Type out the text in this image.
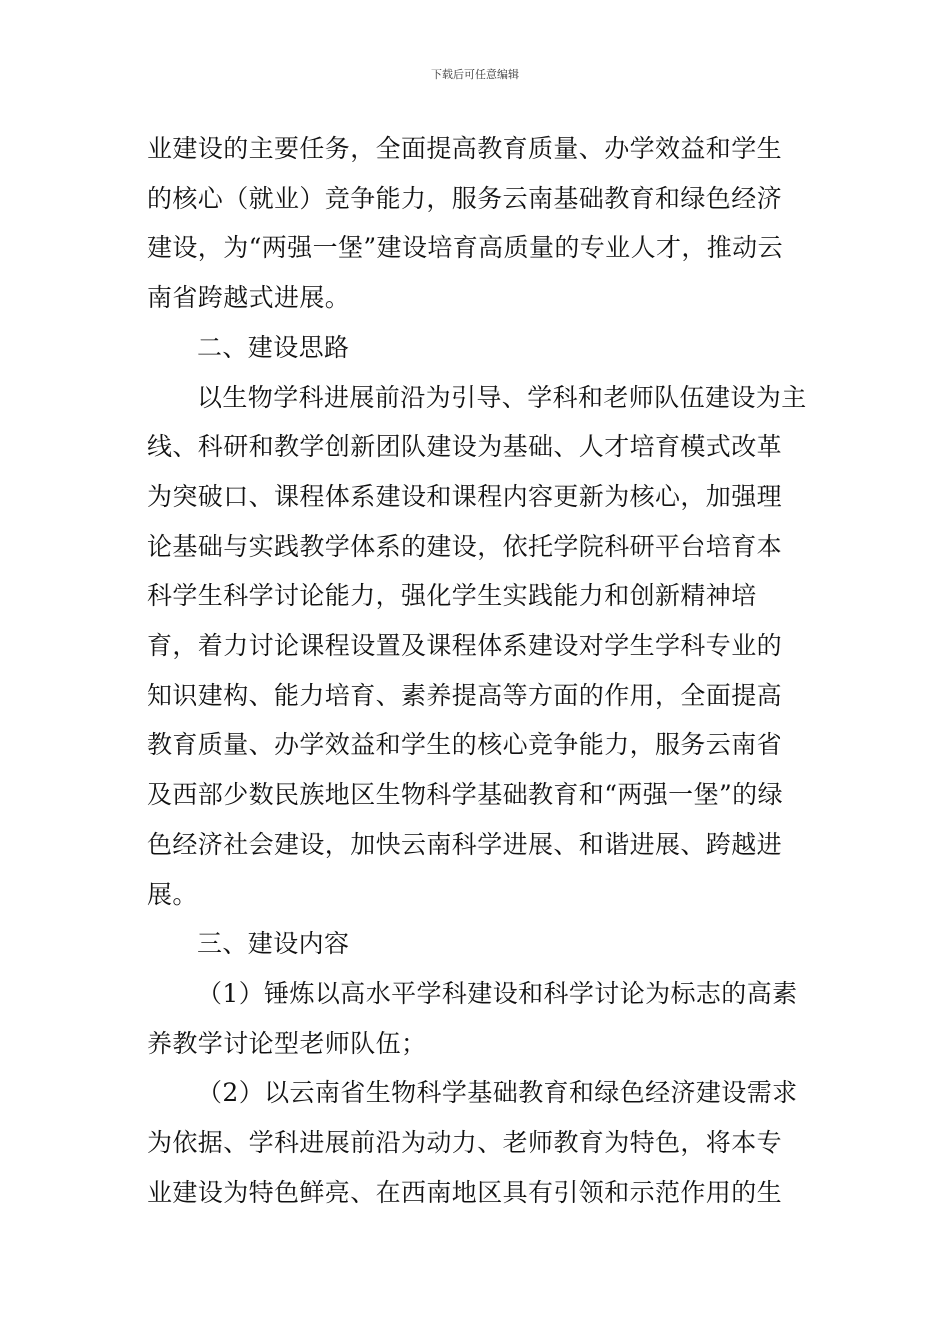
下载后可任意编辑

业建设的主要任务，全面提高教育质量、办学效益和学生的核心（就业）竞争能力，服务云南基础教育和绿色经济建设，为“两强一堡”建设培育高质量的专业人才，推动云南省跨越式进展。

二、建设思路

以生物学科进展前沿为引导、学科和老师队伍建设为主线、科研和教学创新团队建设为基础、人才培育模式改革为突破口、课程体系建设和课程内容更新为核心，加强理论基础与实践教学体系的建设，依托学院科研平台培育本科学生科学讨论能力，强化学生实践能力和创新精神培育，着力讨论课程设置及课程体系建设对学生学科专业的知识建构、能力培育、素养提高等方面的作用，全面提高教育质量、办学效益和学生的核心竞争能力，服务云南省及西部少数民族地区生物科学基础教育和“两强一堡”的绿色经济社会建设，加快云南科学进展、和谐进展、跨越进展。

三、建设内容

（1）锤炼以高水平学科建设和科学讨论为标志的高素养教学讨论型老师队伍；

（2）以云南省生物科学基础教育和绿色经济建设需求为依据、学科进展前沿为动力、老师教育为特色，将本专业建设为特色鲜亮、在西南地区具有引领和示范作用的生
